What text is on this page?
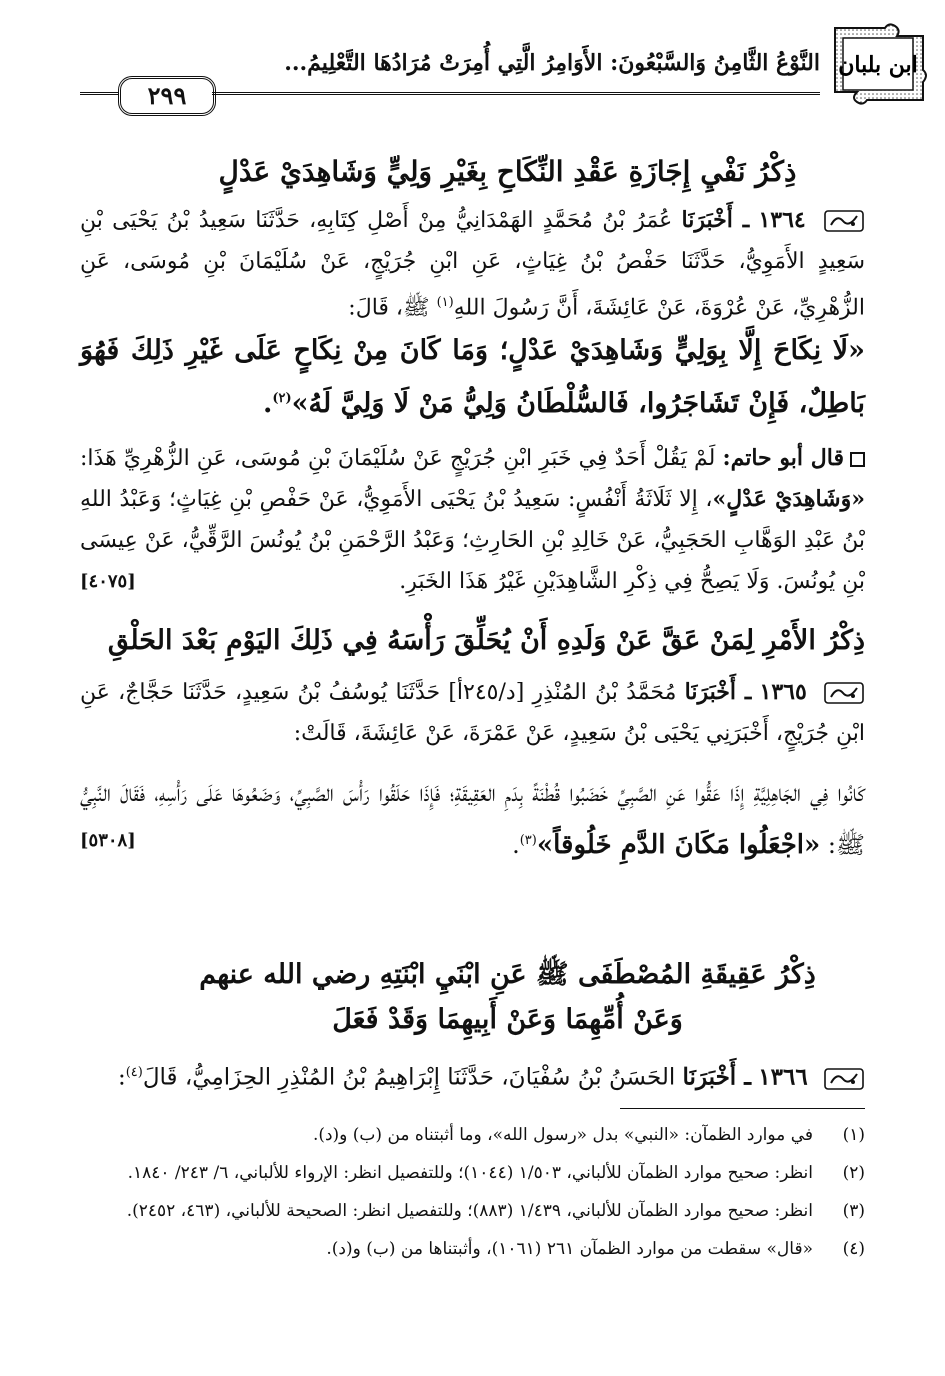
ابن بلبان
النَّوْعُ الثَّامِنُ وَالسَّبْعُونَ: الأَوَامِرُ الَّتِي أُمِرَتْ مُرَادُهَا التَّعْلِيمُ...
٢٩٩
ذِكْرُ نَفْيِ إِجَازَةِ عَقْدِ النِّكَاحِ بِغَيْرِ وَلِيٍّ وَشَاهِدَيْ عَدْلٍ
١٣٦٤ ـ أَخْبَرَنَا عُمَرُ بْنُ مُحَمَّدٍ الهَمْدَانِيُّ مِنْ أَصْلِ كِتَابِهِ، حَدَّثَنَا سَعِيدُ بْنُ يَحْيَى بْنِ سَعِيدٍ الأَمَوِيُّ، حَدَّثَنَا حَفْصُ بْنُ غِيَاثٍ، عَنِ ابْنِ جُرَيْجٍ، عَنْ سُلَيْمَانَ بْنِ مُوسَى، عَنِ الزُّهْرِيِّ، عَنْ عُرْوَةَ، عَنْ عَائِشَةَ، أَنَّ رَسُولَ اللهِ$^{(١)}$ ﷺ، قَالَ:
«لَا نِكَاحَ إِلَّا بِوَلِيٍّ وَشَاهِدَيْ عَدْلٍ؛ وَمَا كَانَ مِنْ نِكَاحٍ عَلَى غَيْرِ ذَلِكَ فَهُوَ بَاطِلٌ، فَإِنْ تَشَاجَرُوا، فَالسُّلْطَانُ وَلِيُّ مَنْ لَا وَلِيَّ لَهُ»$^{(٢)}$.
قال أبو حاتم: لَمْ يَقُلْ أَحَدٌ فِي خَبَرِ ابْنِ جُرَيْجٍ عَنْ سُلَيْمَانَ بْنِ مُوسَى، عَنِ الزُّهْرِيِّ هَذَا: «وَشَاهِدَيْ عَدْلٍ»، إِلا ثَلَاثَةُ أَنْفُسٍ: سَعِيدُ بْنُ يَحْيَى الأَمَوِيُّ، عَنْ حَفْصِ بْنِ غِيَاثٍ؛ وَعَبْدُ اللهِ بْنُ عَبْدِ الوَهَّابِ الحَجَبِيُّ، عَنْ خَالِدِ بْنِ الحَارِثِ؛ وَعَبْدُ الرَّحْمَنِ بْنُ يُونُسَ الرَّقِّيُّ، عَنْ عِيسَى بْنِ يُونُسَ. وَلَا يَصِحُّ فِي ذِكْرِ الشَّاهِدَيْنِ غَيْرُ هَذَا الخَبَرِ.
[٤٠٧٥]
ذِكْرُ الأَمْرِ لِمَنْ عَقَّ عَنْ وَلَدِهِ أَنْ يُحَلِّقَ رَأْسَهُ فِي ذَلِكَ اليَوْمِ بَعْدَ الحَلْقِ
١٣٦٥ ـ أَخْبَرَنَا مُحَمَّدُ بْنُ المُنْذِرِ [د/٢٤٥أ] حَدَّثَنَا يُوسُفُ بْنُ سَعِيدٍ، حَدَّثَنَا حَجَّاجٌ، عَنِ ابْنِ جُرَيْجٍ، أَخْبَرَنِي يَحْيَى بْنُ سَعِيدٍ، عَنْ عَمْرَةَ، عَنْ عَائِشَةَ، قَالَتْ:
كَانُوا فِي الجَاهِلِيَّةِ إِذَا عَقُّوا عَنِ الصَّبِيِّ خَضَبُوا قُطْنَةً بِدَمِ العَقِيقَةِ؛ فَإِذَا حَلَقُوا رَأْسَ الصَّبِيِّ، وَضَعُوهَا عَلَى رَأْسِهِ، فَقَالَ النَّبِيُّ ﷺ: «اجْعَلُوا مَكَانَ الدَّمِ خَلُوقاً»$^{(٣)}$.
[٥٣٠٨]
ذِكْرُ عَقِيقَةِ المُصْطَفَى ﷺ عَنِ ابْنَيِ ابْنَتِهِ رضي الله عنهم
وَعَنْ أُمِّهِمَا وَعَنْ أَبِيهِمَا وَقَدْ فَعَلَ
١٣٦٦ ـ أَخْبَرَنَا الحَسَنُ بْنُ سُفْيَانَ، حَدَّثَنَا إِبْرَاهِيمُ بْنُ المُنْذِرِ الحِزَامِيُّ، قَالَ$^{(٤)}$:
(١)
في موارد الظمآن: «النبي» بدل «رسول الله»، وما أثبتناه من (ب) و(د).
(٢)
انظر: صحيح موارد الظمآن للألباني، ١/٥٠٣ (١٠٤٤)؛ وللتفصيل انظر: الإرواء للألباني، ٦/ ٢٤٣/ ١٨٤٠.
(٣)
انظر: صحيح موارد الظمآن للألباني، ١/٤٣٩ (٨٨٣)؛ وللتفصيل انظر: الصحيحة للألباني، (٤٦٣، ٢٤٥٢).
(٤)
«قال» سقطت من موارد الظمآن ٢٦١ (١٠٦١)، وأثبتناها من (ب) و(د).
